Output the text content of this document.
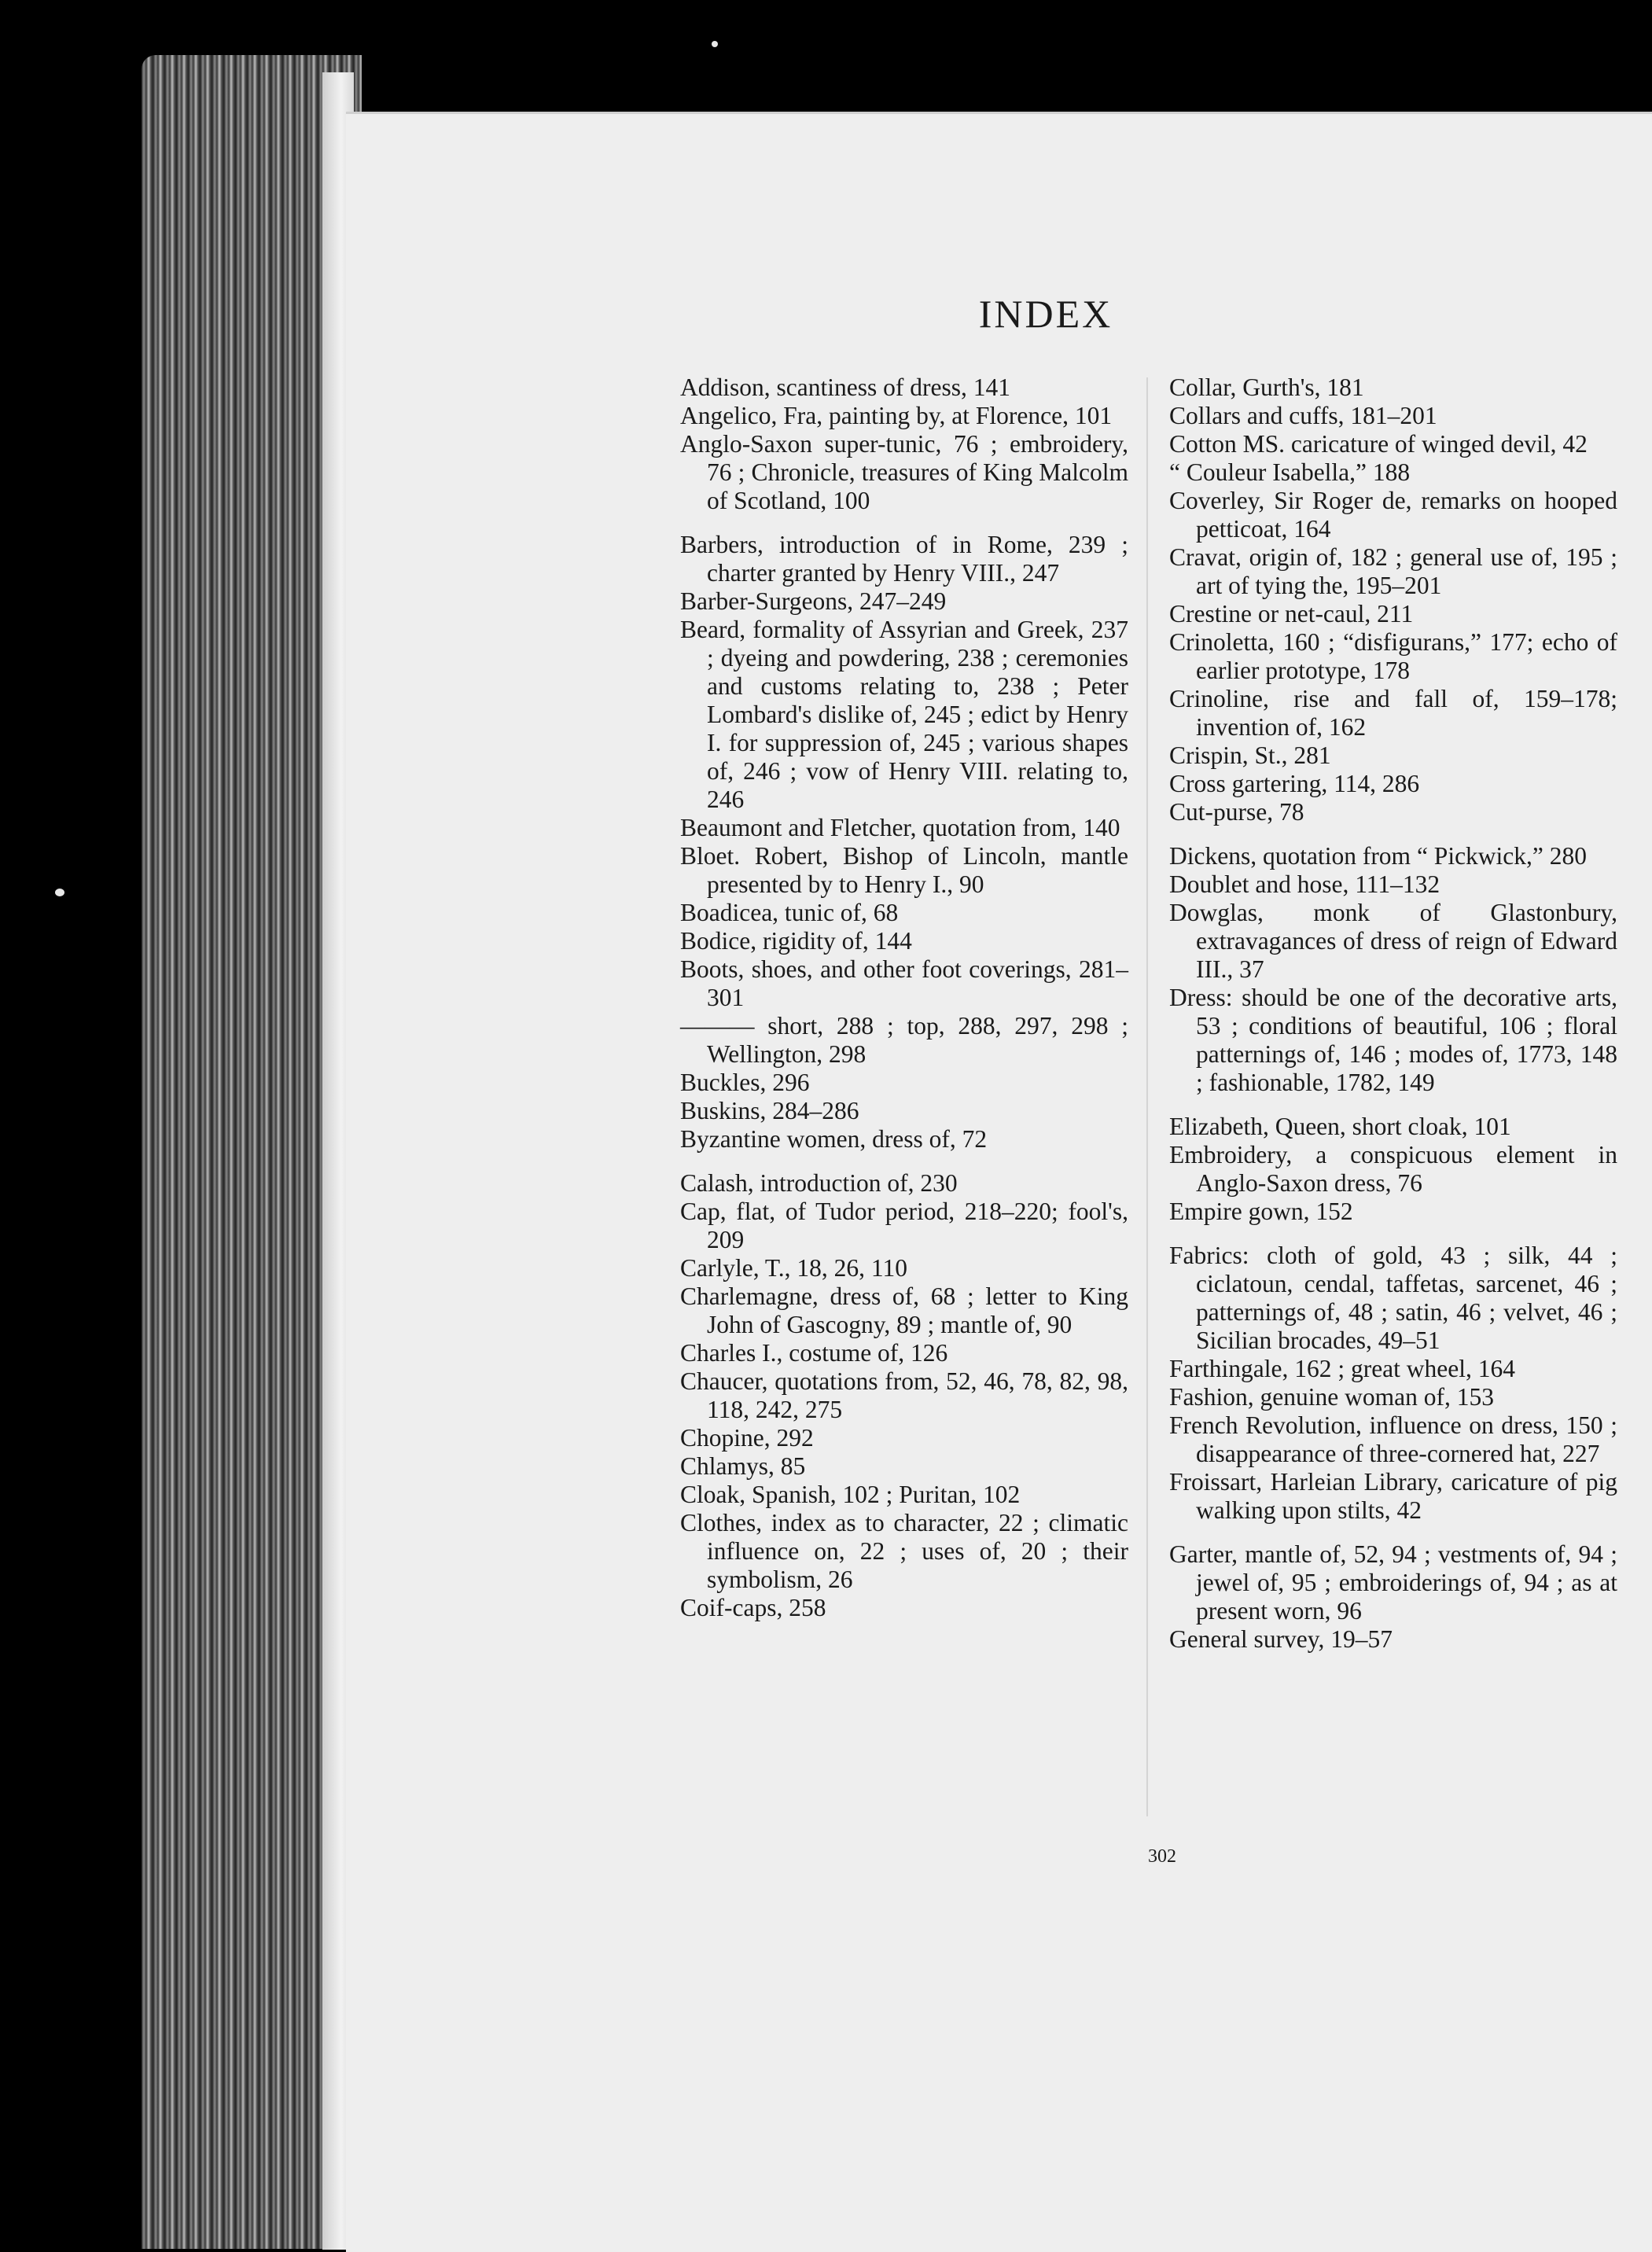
INDEX

Addison, scantiness of dress, 141

Angelico, Fra, painting by, at Florence, 101

Anglo-Saxon super-tunic, 76 ; embroidery, 76 ; Chronicle, treasures of King Malcolm of Scotland, 100

Barbers, introduction of in Rome, 239 ; charter granted by Henry VIII., 247

Barber-Surgeons, 247–249

Beard, formality of Assyrian and Greek, 237 ; dyeing and powdering, 238 ; ceremonies and customs relating to, 238 ; Peter Lombard's dislike of, 245 ; edict by Henry I. for suppression of, 245 ; various shapes of, 246 ; vow of Henry VIII. relating to, 246

Beaumont and Fletcher, quotation from, 140

Bloet. Robert, Bishop of Lincoln, mantle presented by to Henry I., 90

Boadicea, tunic of, 68

Bodice, rigidity of, 144

Boots, shoes, and other foot coverings, 281–301

——— short, 288 ; top, 288, 297, 298 ; Wellington, 298

Buckles, 296

Buskins, 284–286

Byzantine women, dress of, 72

Calash, introduction of, 230

Cap, flat, of Tudor period, 218–220; fool's, 209

Carlyle, T., 18, 26, 110

Charlemagne, dress of, 68 ; letter to King John of Gascogny, 89 ; mantle of, 90

Charles I., costume of, 126

Chaucer, quotations from, 52, 46, 78, 82, 98, 118, 242, 275

Chopine, 292

Chlamys, 85

Cloak, Spanish, 102 ; Puritan, 102

Clothes, index as to character, 22 ; climatic influence on, 22 ; uses of, 20 ; their symbolism, 26

Coif-caps, 258

Collar, Gurth's, 181

Collars and cuffs, 181–201

Cotton MS. caricature of winged devil, 42

“ Couleur Isabella,” 188

Coverley, Sir Roger de, remarks on hooped petticoat, 164

Cravat, origin of, 182 ; general use of, 195 ; art of tying the, 195–201

Crestine or net-caul, 211

Crinoletta, 160 ; “disfigurans,” 177; echo of earlier prototype, 178

Crinoline, rise and fall of, 159–178; invention of, 162

Crispin, St., 281

Cross gartering, 114, 286

Cut-purse, 78

Dickens, quotation from “ Pickwick,” 280

Doublet and hose, 111–132

Dowglas, monk of Glastonbury, extravagances of dress of reign of Edward III., 37

Dress: should be one of the decorative arts, 53 ; conditions of beautiful, 106 ; floral patternings of, 146 ; modes of, 1773, 148 ; fashionable, 1782, 149

Elizabeth, Queen, short cloak, 101

Embroidery, a conspicuous element in Anglo-Saxon dress, 76

Empire gown, 152

Fabrics: cloth of gold, 43 ; silk, 44 ; ciclatoun, cendal, taffetas, sarcenet, 46 ; patternings of, 48 ; satin, 46 ; velvet, 46 ; Sicilian brocades, 49–51

Farthingale, 162 ; great wheel, 164

Fashion, genuine woman of, 153

French Revolution, influence on dress, 150 ; disappearance of three-cornered hat, 227

Froissart, Harleian Library, caricature of pig walking upon stilts, 42

Garter, mantle of, 52, 94 ; vestments of, 94 ; jewel of, 95 ; embroiderings of, 94 ; as at present worn, 96

General survey, 19–57

302
